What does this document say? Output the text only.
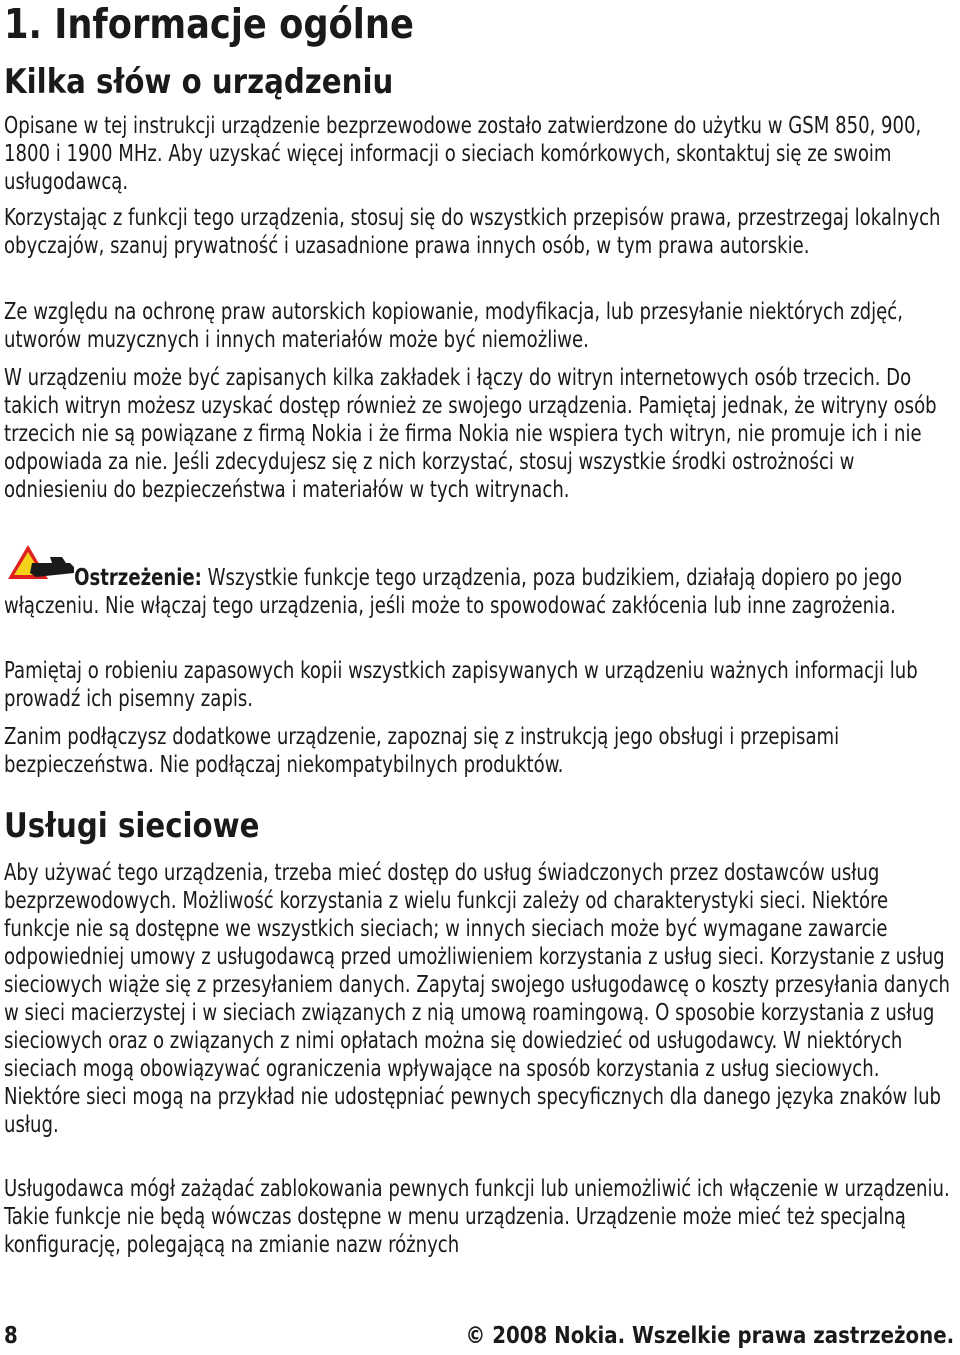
1. Informacje ogólne
Kilka słów o urządzeniu

Opisane w tej instrukcji urządzenie bezprzewodowe zostało zatwierdzone do użytku w GSM 850, 900, 1800 i 1900 MHz. Aby uzyskać więcej informacji o sieciach komórkowych, skontaktuj się ze swoim usługodawcą.

Korzystając z funkcji tego urządzenia, stosuj się do wszystkich przepisów prawa, przestrzegaj lokalnych obyczajów, szanuj prywatność i uzasadnione prawa innych osób, w tym prawa autorskie.

Ze względu na ochronę praw autorskich kopiowanie, modyfikacja, lub przesyłanie niektórych zdjęć, utworów muzycznych i innych materiałów może być niemożliwe.

W urządzeniu może być zapisanych kilka zakładek i łączy do witryn internetowych osób trzecich. Do takich witryn możesz uzyskać dostęp również ze swojego urządzenia. Pamiętaj jednak, że witryny osób trzecich nie są powiązane z firmą Nokia i że firma Nokia nie wspiera tych witryn, nie promuje ich i nie odpowiada za nie. Jeśli zdecydujesz się z nich korzystać, stosuj wszystkie środki ostrożności w odniesieniu do bezpieczeństwa i materiałów w tych witrynach.

Ostrzeżenie: Wszystkie funkcje tego urządzenia, poza budzikiem, działają dopiero po jego włączeniu. Nie włączaj tego urządzenia, jeśli może to spowodować zakłócenia lub inne zagrożenia.

Pamiętaj o robieniu zapasowych kopii wszystkich zapisywanych w urządzeniu ważnych informacji lub prowadź ich pisemny zapis.

Zanim podłączysz dodatkowe urządzenie, zapoznaj się z instrukcją jego obsługi i przepisami bezpieczeństwa. Nie podłączaj niekompatybilnych produktów.

Usługi sieciowe

Aby używać tego urządzenia, trzeba mieć dostęp do usług świadczonych przez dostawców usług bezprzewodowych. Możliwość korzystania z wielu funkcji zależy od charakterystyki sieci. Niektóre funkcje nie są dostępne we wszystkich sieciach; w innych sieciach może być wymagane zawarcie odpowiedniej umowy z usługodawcą przed umożliwieniem korzystania z usług sieci. Korzystanie z usług sieciowych wiąże się z przesyłaniem danych. Zapytaj swojego usługodawcę o koszty przesyłania danych w sieci macierzystej i w sieciach związanych z nią umową roamingową. O sposobie korzystania z usług sieciowych oraz o związanych z nimi opłatach można się dowiedzieć od usługodawcy. W niektórych sieciach mogą obowiązywać ograniczenia wpływające na sposób korzystania z usług sieciowych. Niektóre sieci mogą na przykład nie udostępniać pewnych specyficznych dla danego języka znaków lub usług.

Usługodawca mógł zażądać zablokowania pewnych funkcji lub uniemożliwić ich włączenie w urządzeniu. Takie funkcje nie będą wówczas dostępne w menu urządzenia. Urządzenie może mieć też specjalną konfigurację, polegającą na zmianie nazw różnych

8	© 2008 Nokia. Wszelkie prawa zastrzeżone.
